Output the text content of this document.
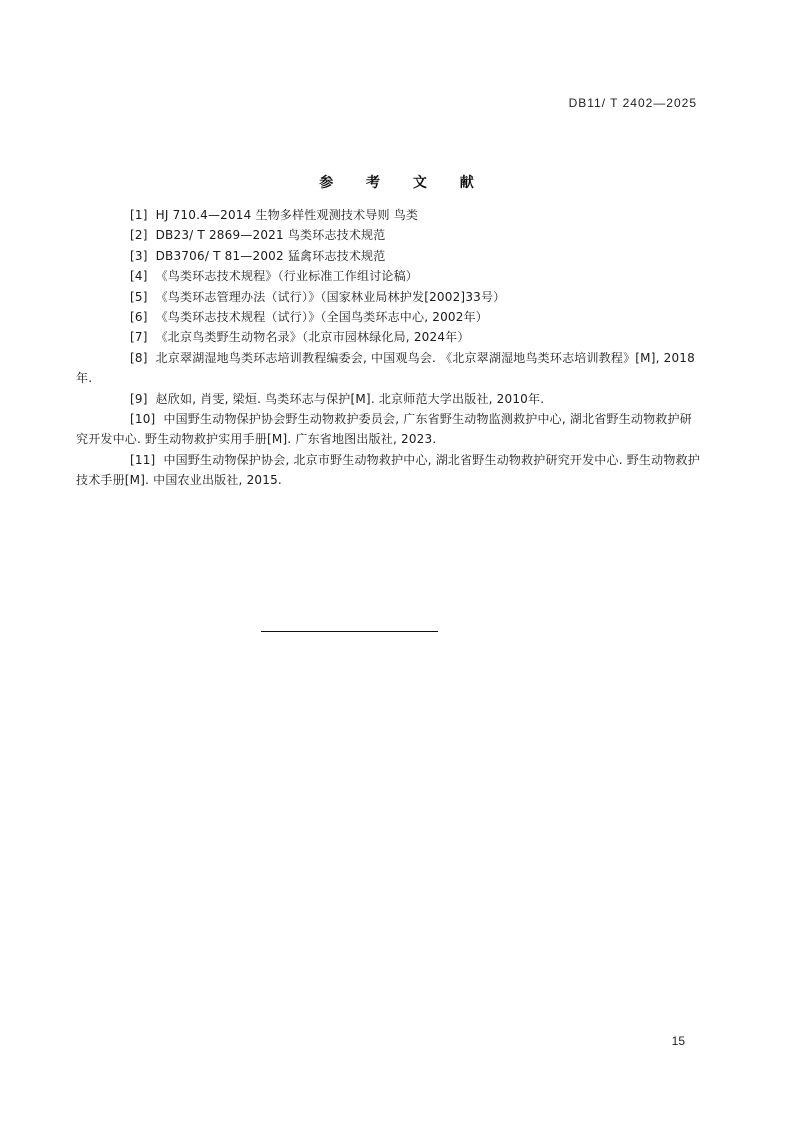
DB11/ T 2402—2025
参 考 文 献
[1] HJ 710.4—2014 生物多样性观测技术导则 鸟类
[2] DB23/ T 2869—2021 鸟类环志技术规范
[3] DB3706/ T 81—2002 猛禽环志技术规范
[4] 《鸟类环志技术规程》（行业标准工作组讨论稿）
[5] 《鸟类环志管理办法（试行）》（国家林业局林护发[2002]33号）
[6] 《鸟类环志技术规程（试行）》（全国鸟类环志中心, 2002年）
[7] 《北京鸟类野生动物名录》（北京市园林绿化局, 2024年）
[8] 北京翠湖湿地鸟类环志培训教程编委会, 中国观鸟会. 《北京翠湖湿地鸟类环志培训教程》[M], 2018年.
[9] 赵欣如, 肖雯, 梁烜. 鸟类环志与保护[M]. 北京师范大学出版社, 2010年.
[10] 中国野生动物保护协会野生动物救护委员会, 广东省野生动物监测救护中心, 湖北省野生动物救护研究开发中心. 野生动物救护实用手册[M]. 广东省地图出版社, 2023.
[11] 中国野生动物保护协会, 北京市野生动物救护中心, 湖北省野生动物救护研究开发中心. 野生动物救护技术手册[M]. 中国农业出版社, 2015.
15
